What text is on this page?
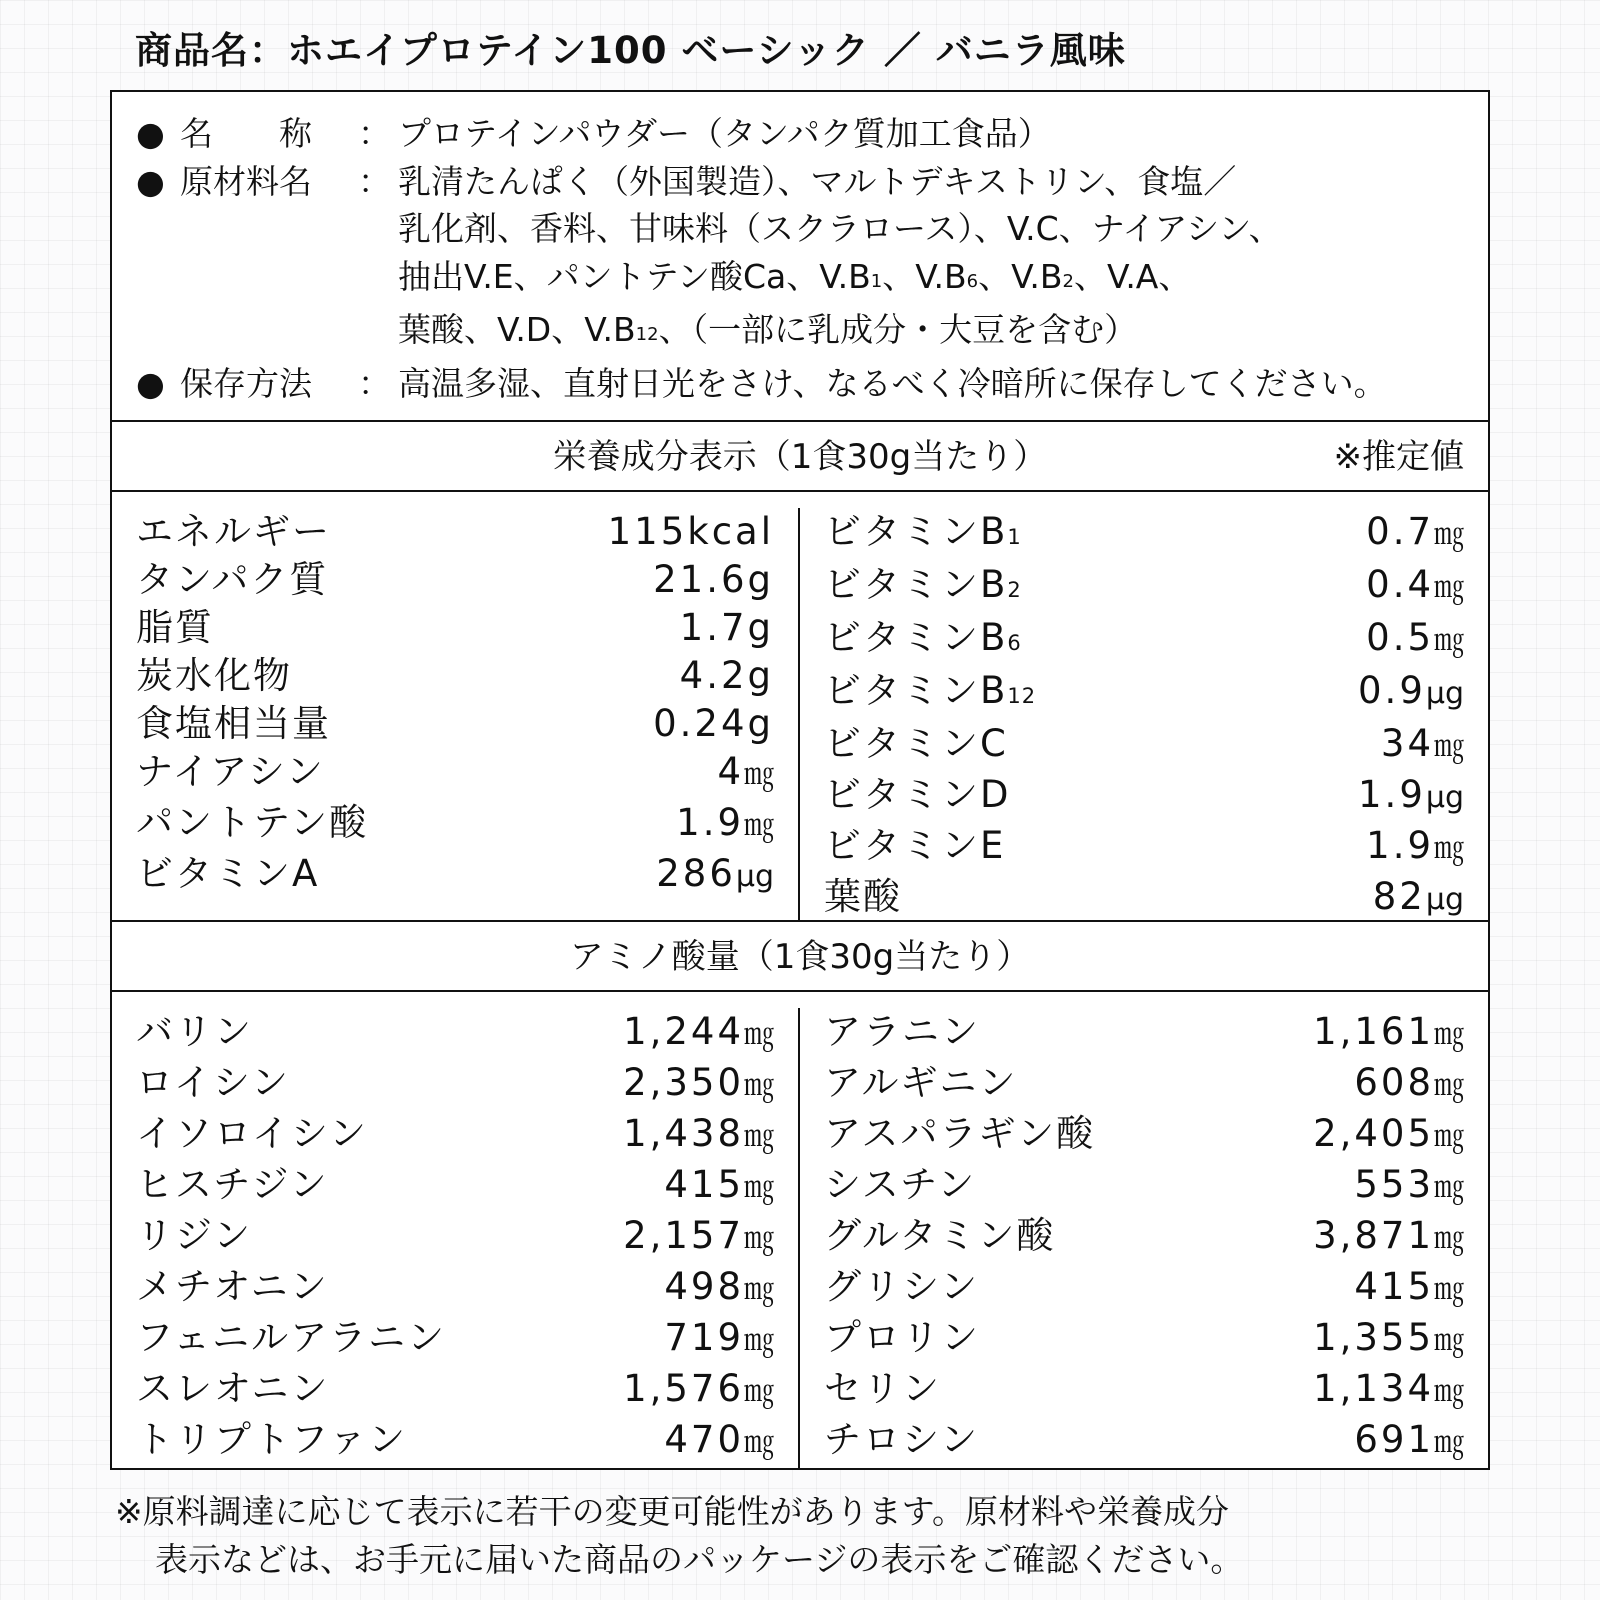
商品名：ホエイプロテイン100 ベーシック ／ バニラ風味
● 名　　称	： プロテインパウダー（タンパク質加工食品）
● 原材料名	： 乳清たんぱく（外国製造）、マルトデキストリン、食塩／
乳化剤、香料、甘味料（スクラロース）、V.C、ナイアシン、
抽出V.E、パントテン酸Ca、$V.B_1$、$V.B_6$、$V.B_2$、V.A、
葉酸、V.D、$V.B_{12}$、（一部に乳成分・大豆を含む）
● 保存方法	： 高温多湿、直射日光をさけ、なるべく冷暗所に保存してください。
栄養成分表示（1食30g当たり）	※推定値
エネルギー	115kcal
タンパク質	21.6g
脂質	1.7g
炭水化物	4.2g
食塩相当量	0.24g
ナイアシン	4㎎
パントテン酸	1.9㎎
ビタミンA	286μg
ビタミンB1	0.7㎎
ビタミンB2	0.4㎎
ビタミンB6	0.5㎎
ビタミンB12	0.9μg
ビタミンC	34㎎
ビタミンD	1.9μg
ビタミンE	1.9㎎
葉酸	82μg
アミノ酸量（1食30g当たり）
バリン	1,244㎎
ロイシン	2,350㎎
イソロイシン	1,438㎎
ヒスチジン	415㎎
リジン	2,157㎎
メチオニン	498㎎
フェニルアラニン	719㎎
スレオニン	1,576㎎
トリプトファン	470㎎
アラニン	1,161㎎
アルギニン	608㎎
アスパラギン酸	2,405㎎
シスチン	553㎎
グルタミン酸	3,871㎎
グリシン	415㎎
プロリン	1,355㎎
セリン	1,134㎎
チロシン	691㎎
※原料調達に応じて表示に若干の変更可能性があります。原材料や栄養成分
表示などは、お手元に届いた商品のパッケージの表示をご確認ください。
